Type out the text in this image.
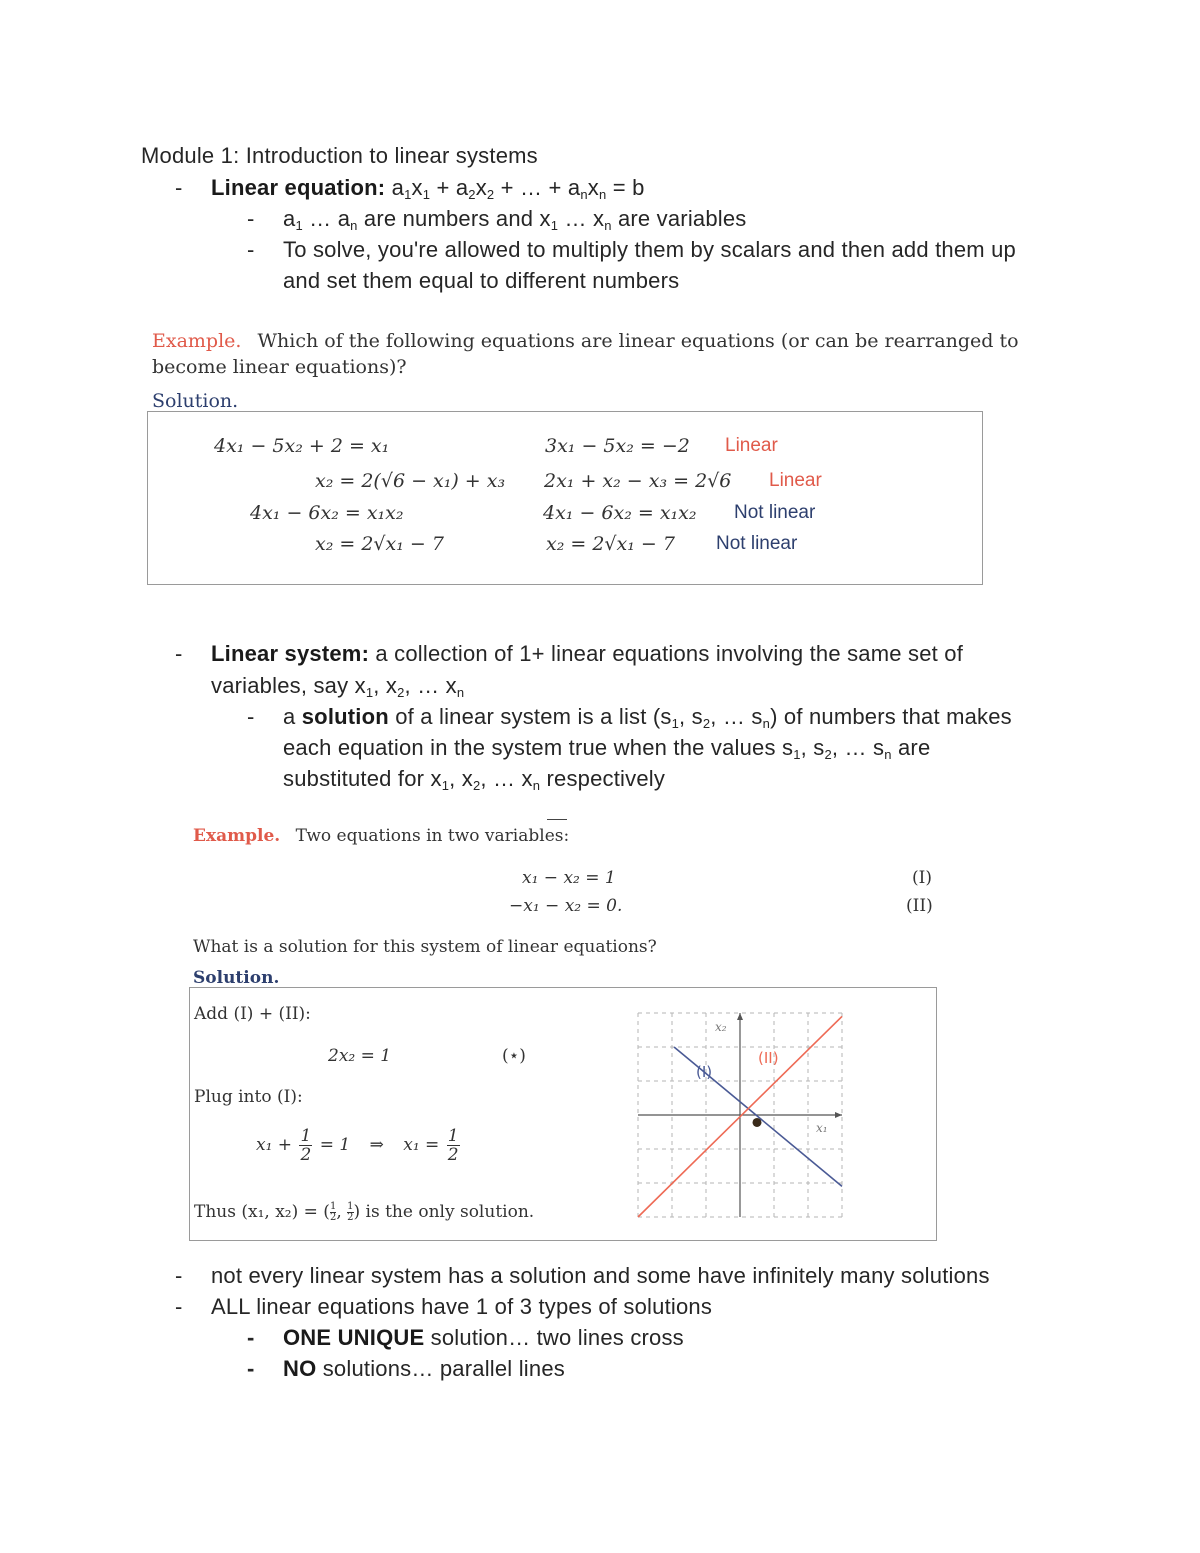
Module 1: Introduction to linear systems
- Linear equation: $a_1x_1 + a_2x_2$ + … + $a_nx_n = b$
- $a_1$ … $a_n$ are numbers and $x_1$ … $x_n$ are variables
- To solve, you're allowed to multiply them by scalars and then add them up
and set them equal to different numbers
Example. Which of the following equations are linear equations (or can be rearranged to
become linear equations)?
Solution.
4x₁ − 5x₂ + 2 = x₁
x₂ = 2(√6 − x₁) + x₃
4x₁ − 6x₂ = x₁x₂
x₂ = 2√x₁ − 7
3x₁ − 5x₂ = −2
2x₁ + x₂ − x₃ = 2√6
4x₁ − 6x₂ = x₁x₂
x₂ = 2√x₁ − 7
Linear
Linear
Not linear
Not linear
- Linear system: a collection of 1+ linear equations involving the same set of
variables, say $x_1$, $x_2$, … $x_n$
- a solution of a linear system is a list ($s_1$, $s_2$, … $s_n$) of numbers that makes
each equation in the system true when the values $s_1$, $s_2$, … $s_n$ are
substituted for $x_1$, $x_2$, … $x_n$ respectively
Example. Two equations in two variables:
x₁ − x₂ = 1
−x₁ − x₂ = 0.
(I)
(II)
What is a solution for this system of linear equations?
Solution.
Add (I) + (II):
2x₂ = 1	(⋆)
Plug into (I):
$x_1 + \frac{1}{2} = 1$ ⇒ $x_1 = \frac{1}{2}$
Thus (x₁, x₂) = ( $\frac{1}{2}$ , $\frac{1}{2}$ ) is the only solution.
x₁
x₂
(I)
(II)
- not every linear system has a solution and some have infinitely many solutions
- ALL linear equations have 1 of 3 types of solutions
- ONE UNIQUE solution… two lines cross
- NO solutions… parallel lines
